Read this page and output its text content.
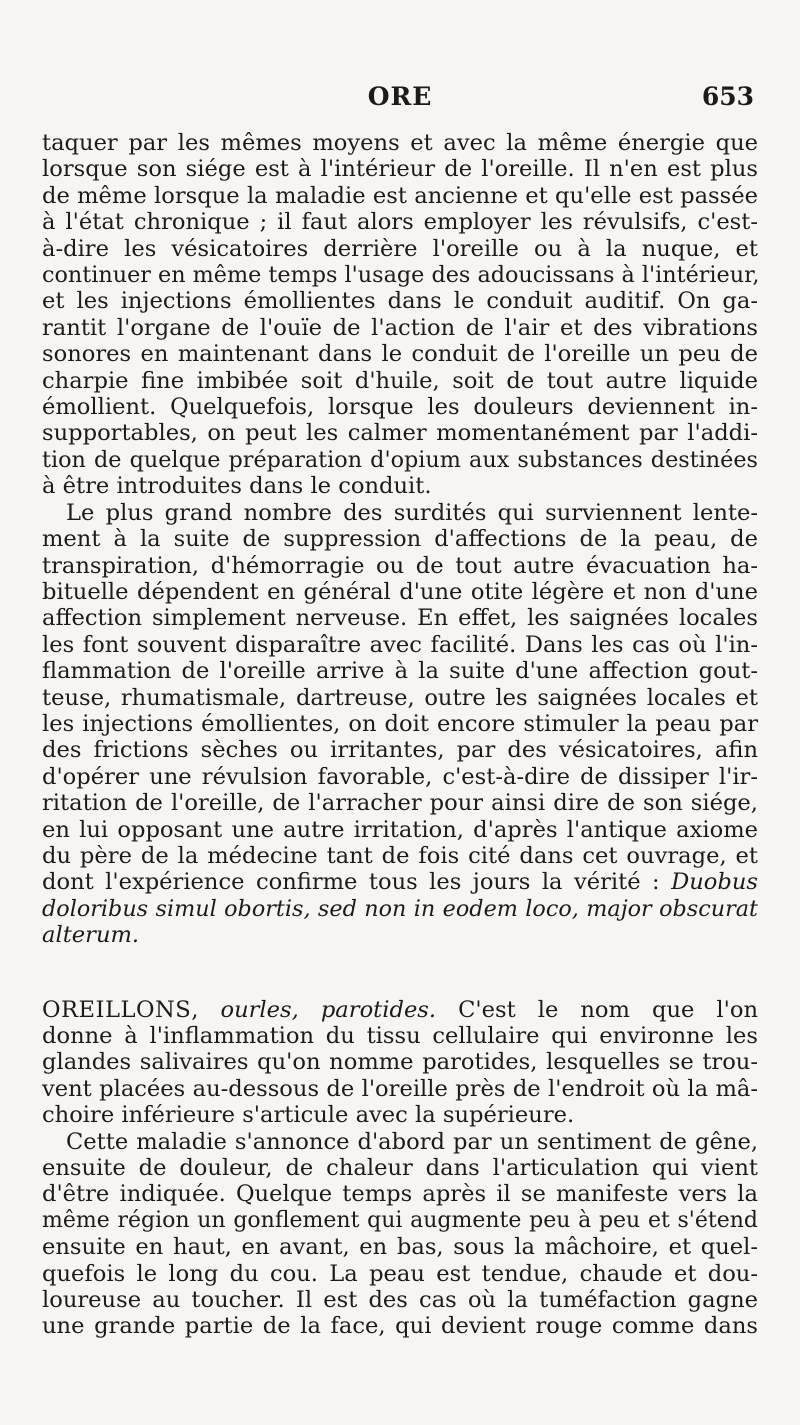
ORE	653

taquer par les mêmes moyens et avec la même énergie que
lorsque son siége est à l'intérieur de l'oreille. Il n'en est plus
de même lorsque la maladie est ancienne et qu'elle est passée
à l'état chronique ; il faut alors employer les révulsifs, c'est-
à-dire les vésicatoires derrière l'oreille ou à la nuque, et
continuer en même temps l'usage des adoucissans à l'intérieur,
et les injections émollientes dans le conduit auditif. On ga-
rantit l'organe de l'ouïe de l'action de l'air et des vibrations
sonores en maintenant dans le conduit de l'oreille un peu de
charpie fine imbibée soit d'huile, soit de tout autre liquide
émollient. Quelquefois, lorsque les douleurs deviennent in-
supportables, on peut les calmer momentanément par l'addi-
tion de quelque préparation d'opium aux substances destinées
à être introduites dans le conduit.

Le plus grand nombre des surdités qui surviennent lente-
ment à la suite de suppression d'affections de la peau, de
transpiration, d'hémorragie ou de tout autre évacuation ha-
bituelle dépendent en général d'une otite légère et non d'une
affection simplement nerveuse. En effet, les saignées locales
les font souvent disparaître avec facilité. Dans les cas où l'in-
flammation de l'oreille arrive à la suite d'une affection gout-
teuse, rhumatismale, dartreuse, outre les saignées locales et
les injections émollientes, on doit encore stimuler la peau par
des frictions sèches ou irritantes, par des vésicatoires, afin
d'opérer une révulsion favorable, c'est-à-dire de dissiper l'ir-
ritation de l'oreille, de l'arracher pour ainsi dire de son siége,
en lui opposant une autre irritation, d'après l'antique axiome
du père de la médecine tant de fois cité dans cet ouvrage, et
dont l'expérience confirme tous les jours la vérité : Duobus
doloribus simul obortis, sed non in eodem loco, major obscurat
alterum.

OREILLONS, ourles, parotides. C'est le nom que l'on
donne à l'inflammation du tissu cellulaire qui environne les
glandes salivaires qu'on nomme parotides, lesquelles se trou-
vent placées au-dessous de l'oreille près de l'endroit où la mâ-
choire inférieure s'articule avec la supérieure.

Cette maladie s'annonce d'abord par un sentiment de gêne,
ensuite de douleur, de chaleur dans l'articulation qui vient
d'être indiquée. Quelque temps après il se manifeste vers la
même région un gonflement qui augmente peu à peu et s'étend
ensuite en haut, en avant, en bas, sous la mâchoire, et quel-
quefois le long du cou. La peau est tendue, chaude et dou-
loureuse au toucher. Il est des cas où la tuméfaction gagne
une grande partie de la face, qui devient rouge comme dans
